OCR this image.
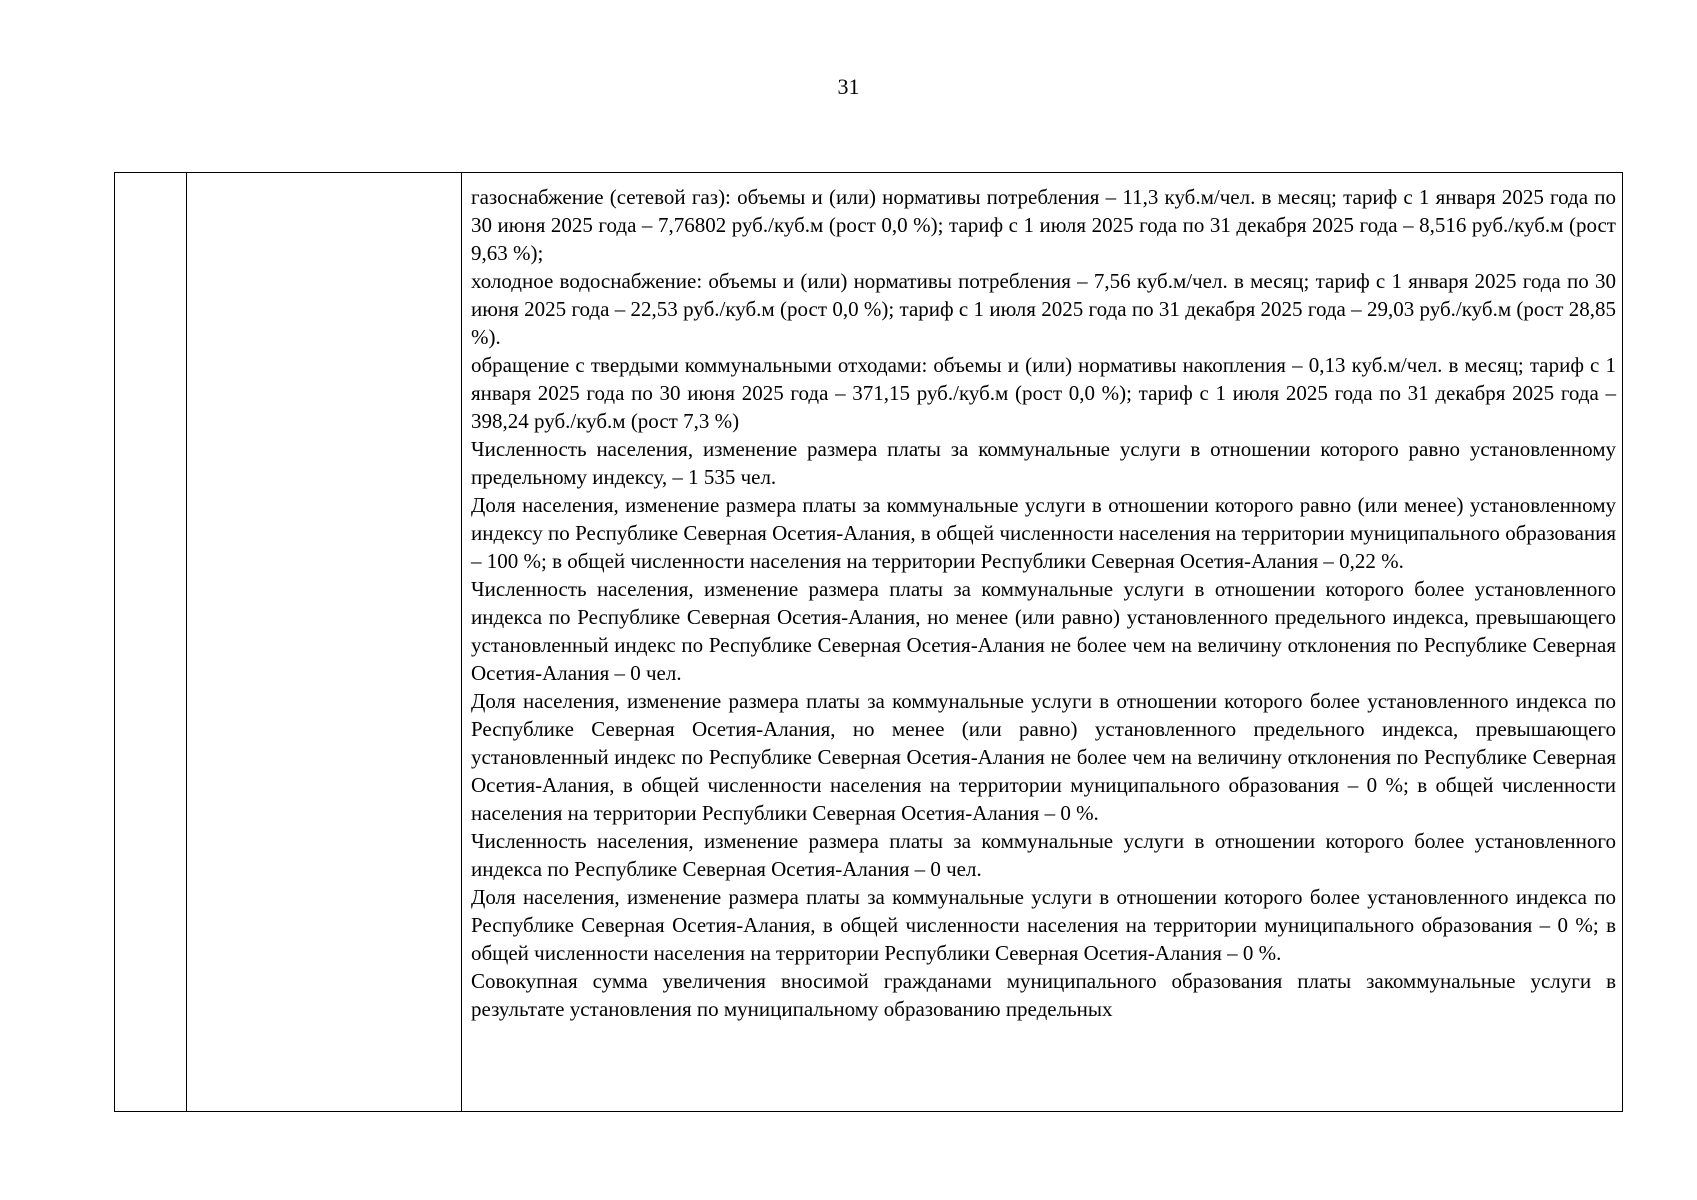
31

газоснабжение (сетевой газ): объемы и (или) нормативы потребления – 11,3 куб.м/чел. в месяц; тариф с 1 января 2025 года по 30 июня 2025 года – 7,76802 руб./куб.м (рост 0,0 %); тариф с 1 июля 2025 года по 31 декабря 2025 года – 8,516 руб./куб.м (рост 9,63 %);

холодное водоснабжение: объемы и (или) нормативы потребления – 7,56 куб.м/чел. в месяц; тариф с 1 января 2025 года по 30 июня 2025 года – 22,53 руб./куб.м (рост 0,0 %); тариф с 1 июля 2025 года по 31 декабря 2025 года – 29,03 руб./куб.м (рост 28,85 %).

обращение с твердыми коммунальными отходами: объемы и (или) нормативы накопления – 0,13 куб.м/чел. в месяц; тариф с 1 января 2025 года по 30 июня 2025 года – 371,15 руб./куб.м (рост 0,0 %); тариф с 1 июля 2025 года по 31 декабря 2025 года –398,24 руб./куб.м (рост 7,3 %)

Численность населения, изменение размера платы за коммунальные услуги в отношении которого равно установленному предельному индексу, – 1 535 чел.

Доля населения, изменение размера платы за коммунальные услуги в отношении которого равно (или менее) установленному индексу по Республике Северная Осетия-Алания, в общей численности населения на территории муниципального образования – 100 %; в общей численности населения на территории Республики Северная Осетия-Алания – 0,22 %.

Численность населения, изменение размера платы за коммунальные услуги в отношении которого более установленного индекса по Республике Северная Осетия-Алания, но менее (или равно) установленного предельного индекса, превышающего установленный индекс по Республике Северная Осетия-Алания не более чем на величину отклонения по Республике Северная Осетия-Алания – 0 чел.

Доля населения, изменение размера платы за коммунальные услуги в отношении которого более установленного индекса по Республике Северная Осетия-Алания, но менее (или равно) установленного предельного индекса, превышающего установленный индекс по Республике Северная Осетия-Алания не более чем на величину отклонения по Республике Северная Осетия-Алания, в общей численности населения на территории муниципального образования – 0 %; в общей численности населения на территории Республики Северная Осетия-Алания – 0 %.

Численность населения, изменение размера платы за коммунальные услуги в отношении которого более установленного индекса по Республике Северная Осетия-Алания – 0 чел.

Доля населения, изменение размера платы за коммунальные услуги в отношении которого более установленного индекса по Республике Северная Осетия-Алания, в общей численности населения на территории муниципального образования – 0 %; в общей численности населения на территории Республики Северная Осетия-Алания – 0 %.

Совокупная сумма увеличения вносимой гражданами муниципального образования платы закоммунальные услуги в результате установления по муниципальному образованию предельных
